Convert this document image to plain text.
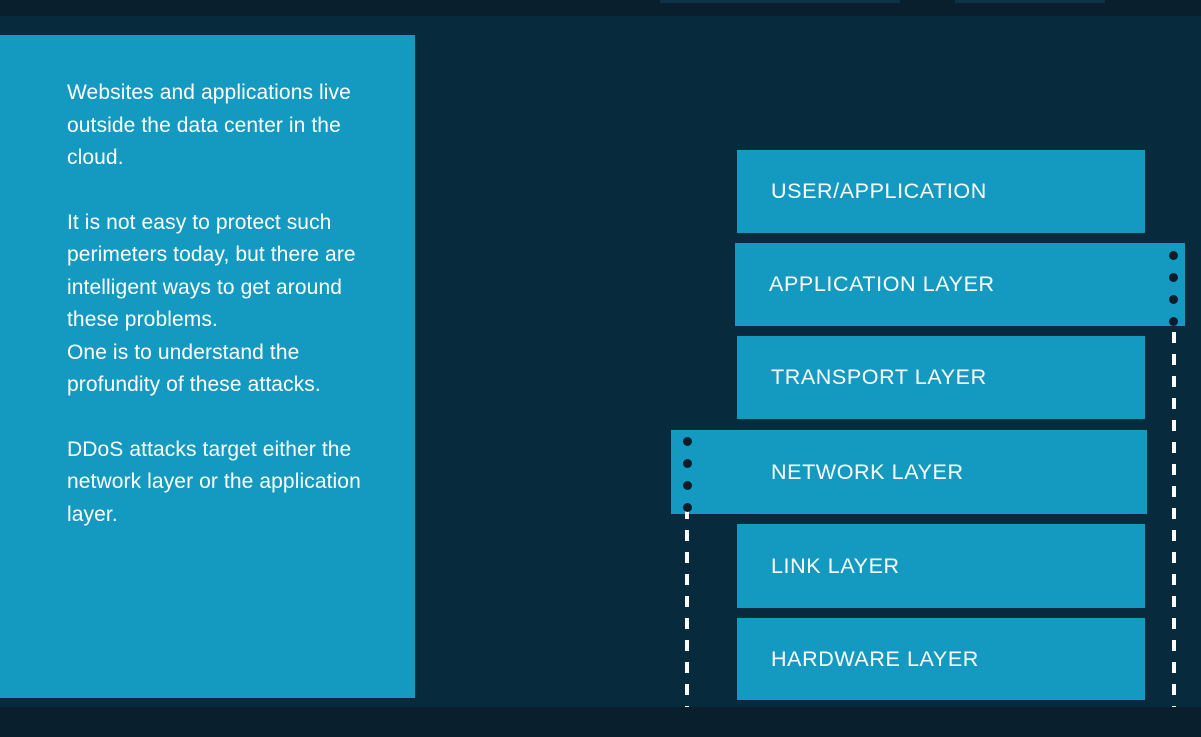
Websites and applications live outside the data center in the cloud.

It is not easy to protect such perimeters today, but there are intelligent ways to get around these problems.

One is to understand the profundity of these attacks.

DDoS attacks target either the network layer or the application layer.

USER/APPLICATION
APPLICATION LAYER
TRANSPORT LAYER
NETWORK LAYER
LINK LAYER
HARDWARE LAYER
